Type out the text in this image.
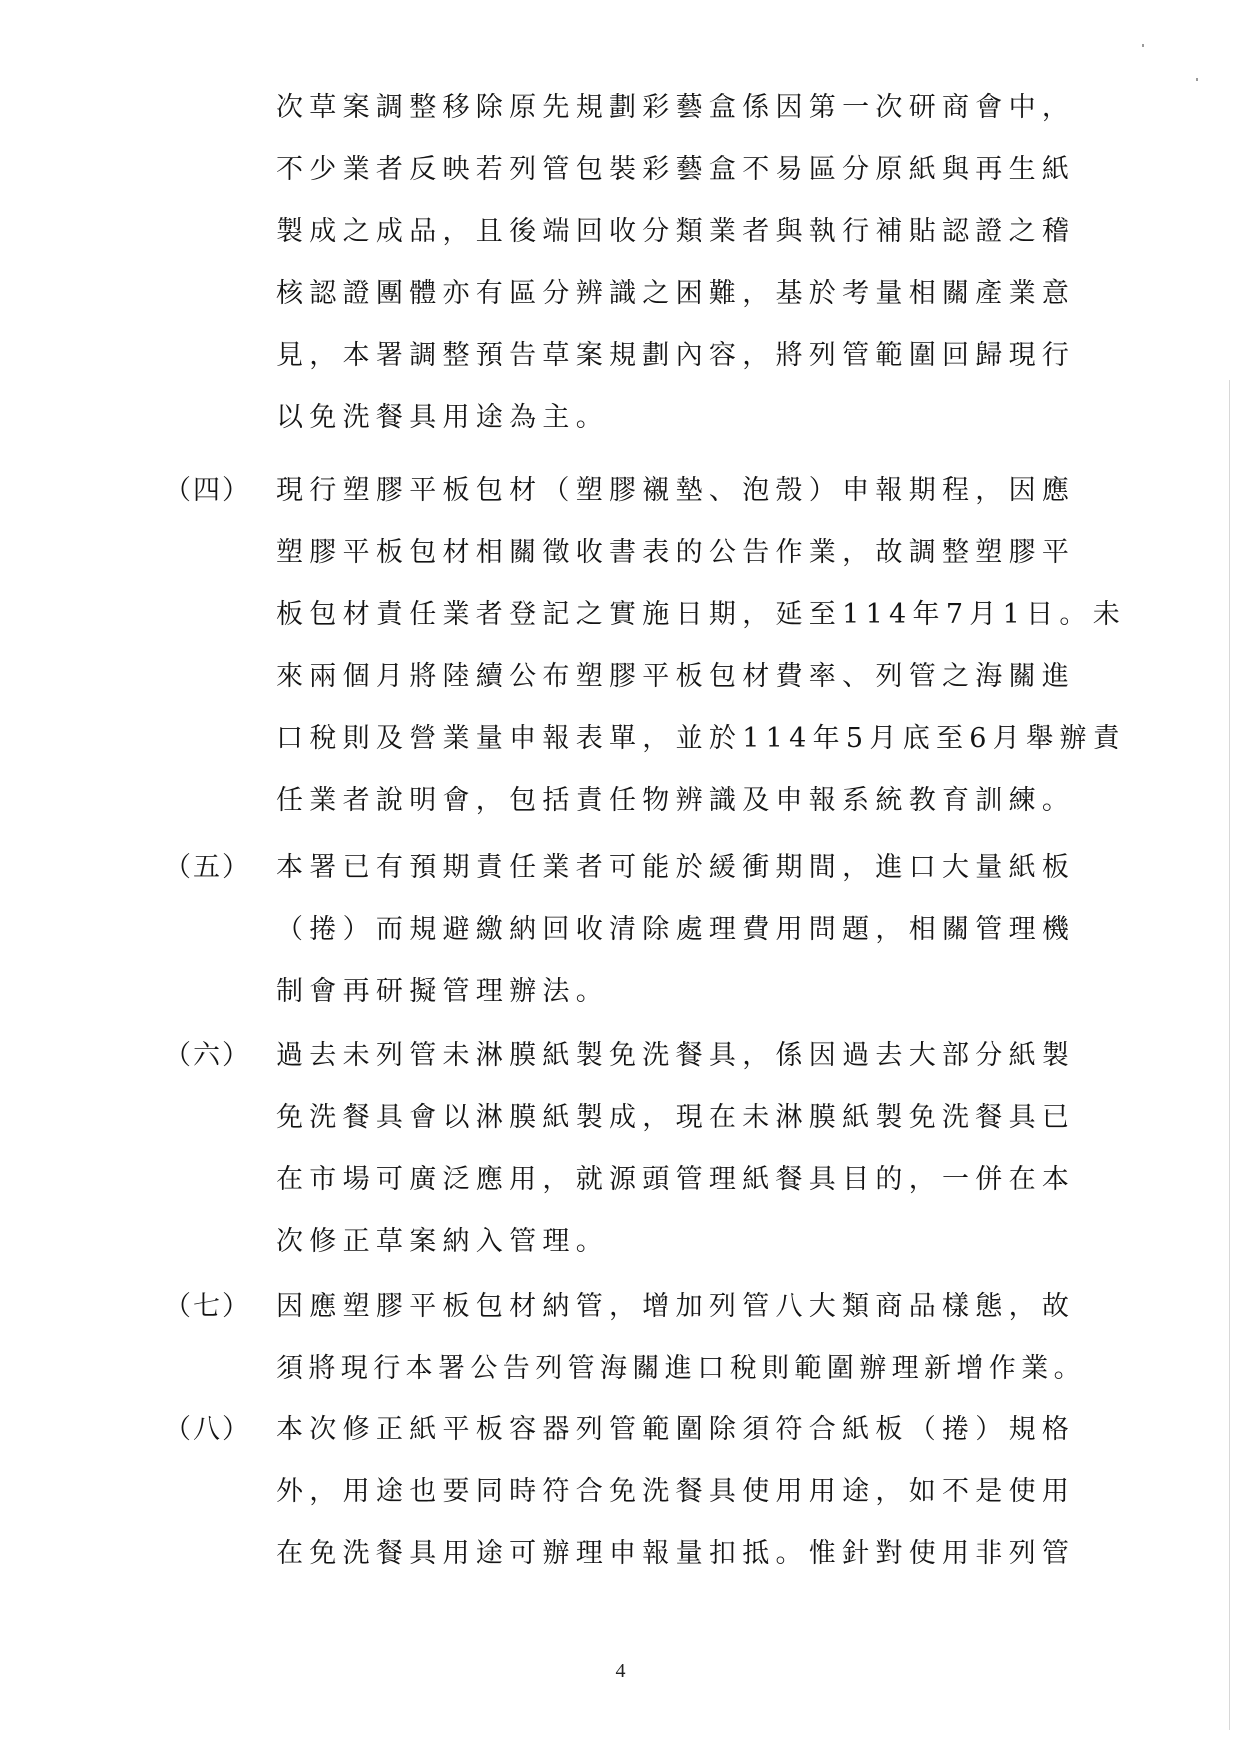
次草案調整移除原先規劃彩藝盒係因第一次研商會中，
不少業者反映若列管包裝彩藝盒不易區分原紙與再生紙
製成之成品，且後端回收分類業者與執行補貼認證之稽
核認證團體亦有區分辨識之困難，基於考量相關產業意
見，本署調整預告草案規劃內容，將列管範圍回歸現行
以免洗餐具用途為主。
（四） 現行塑膠平板包材（塑膠襯墊、泡殼）申報期程，因應
塑膠平板包材相關徵收書表的公告作業，故調整塑膠平
板包材責任業者登記之實施日期，延至114年7月1日。未
來兩個月將陸續公布塑膠平板包材費率、列管之海關進
口稅則及營業量申報表單，並於114年5月底至6月舉辦責
任業者說明會，包括責任物辨識及申報系統教育訓練。
（五） 本署已有預期責任業者可能於緩衝期間，進口大量紙板
（捲）而規避繳納回收清除處理費用問題，相關管理機
制會再研擬管理辦法。
（六） 過去未列管未淋膜紙製免洗餐具，係因過去大部分紙製
免洗餐具會以淋膜紙製成，現在未淋膜紙製免洗餐具已
在市場可廣泛應用，就源頭管理紙餐具目的，一併在本
次修正草案納入管理。
（七） 因應塑膠平板包材納管，增加列管八大類商品樣態，故
須將現行本署公告列管海關進口稅則範圍辦理新增作業。
（八） 本次修正紙平板容器列管範圍除須符合紙板（捲）規格
外，用途也要同時符合免洗餐具使用用途，如不是使用
在免洗餐具用途可辦理申報量扣抵。惟針對使用非列管
4
